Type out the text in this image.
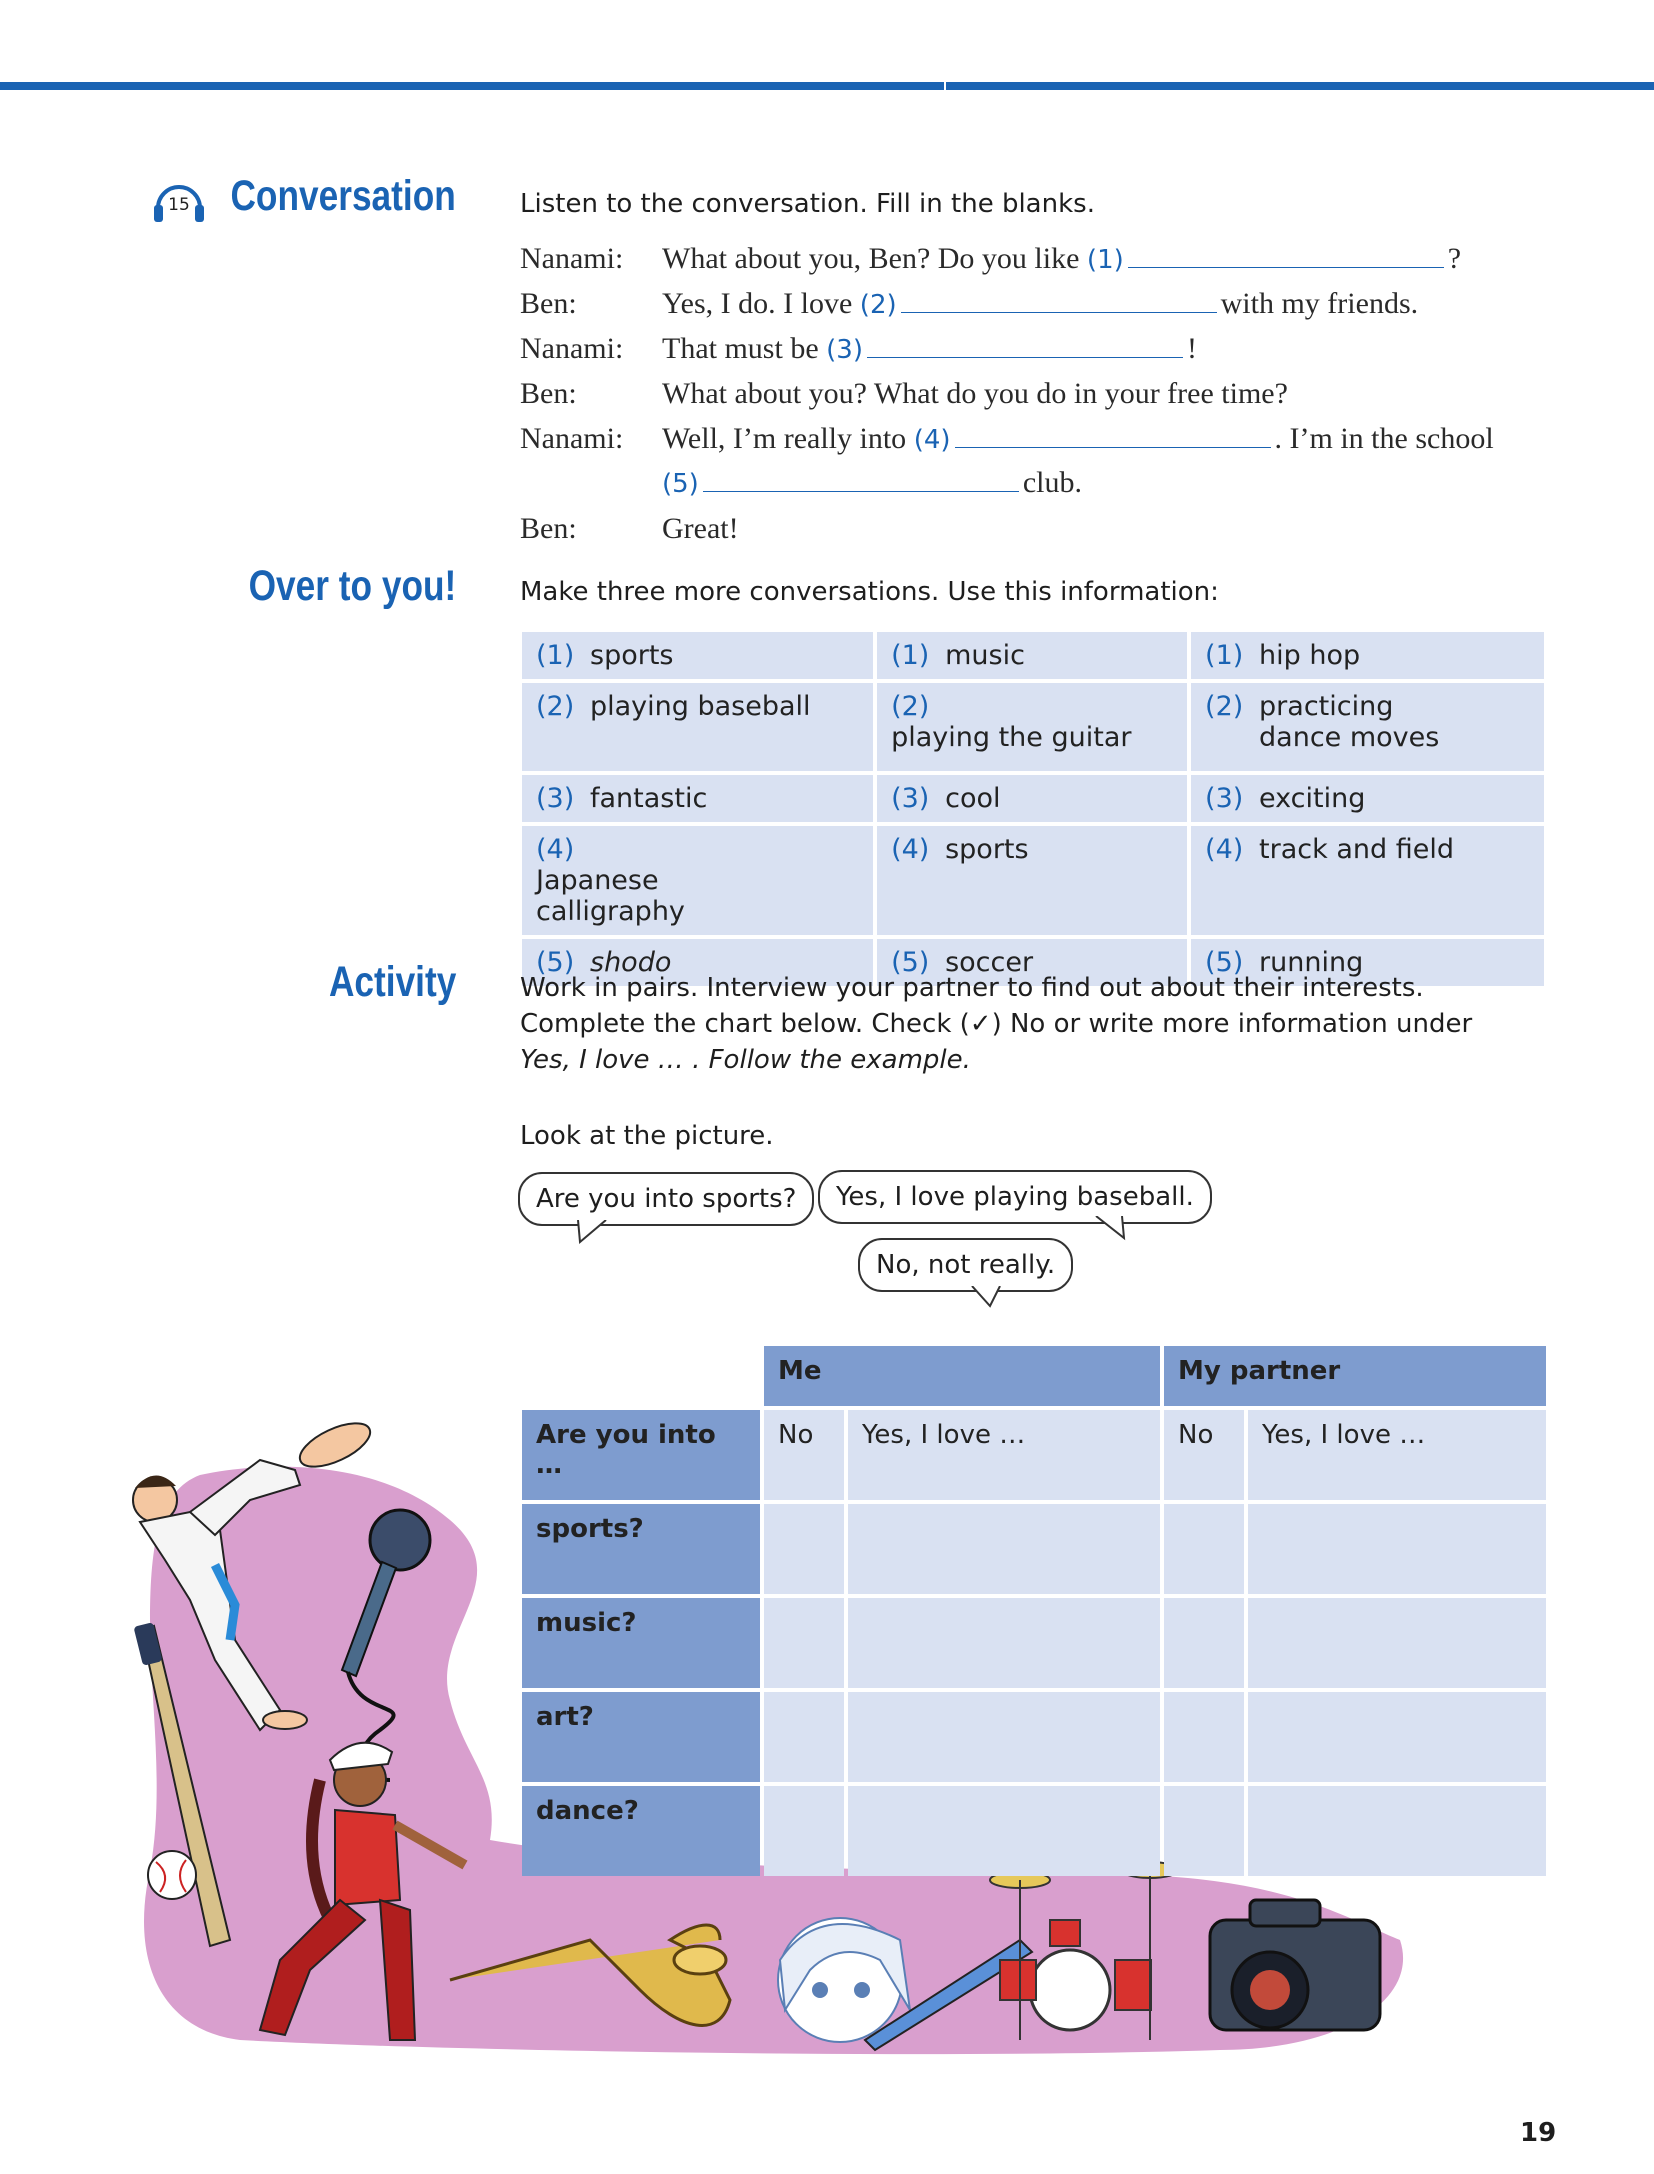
15 Conversation Listen to the conversation. Fill in the blanks.
Nanami: What about you, Ben? Do you like (1)	?
Ben:	Yes, I do. I love (2)	with my friends.
Nanami: That must be (3)	!
Ben:	What about you? What do you do in your free time?
Nanami: Well, I’m really into (4)	. I’m in the school
(5)	club.
Ben:	Great!
Over to you! Make three more conversations. Use this information:
(1) sports	(1) music	(1) hip hop
(2) playing baseball	(2)playing the guitar	(2) practicing dance moves
(3) fantastic	(3) cool	(3) exciting
(4)Japanese calligraphy	(4) sports	(4) track and field
(5) shodo	(5) soccer	(5) running
Activity Work in pairs. Interview your partner to find out about their interests.
Complete the chart below. Check (✓) No or write more information under
Yes, I love … . Follow the example.
Look at the picture.
Are you into sports?	Yes, I love playing baseball.
No, not really.
	Me		My partner	
Are you into …	No	Yes, I love …	No	Yes, I love …
sports?				
music?				
art?				
dance?				
19
